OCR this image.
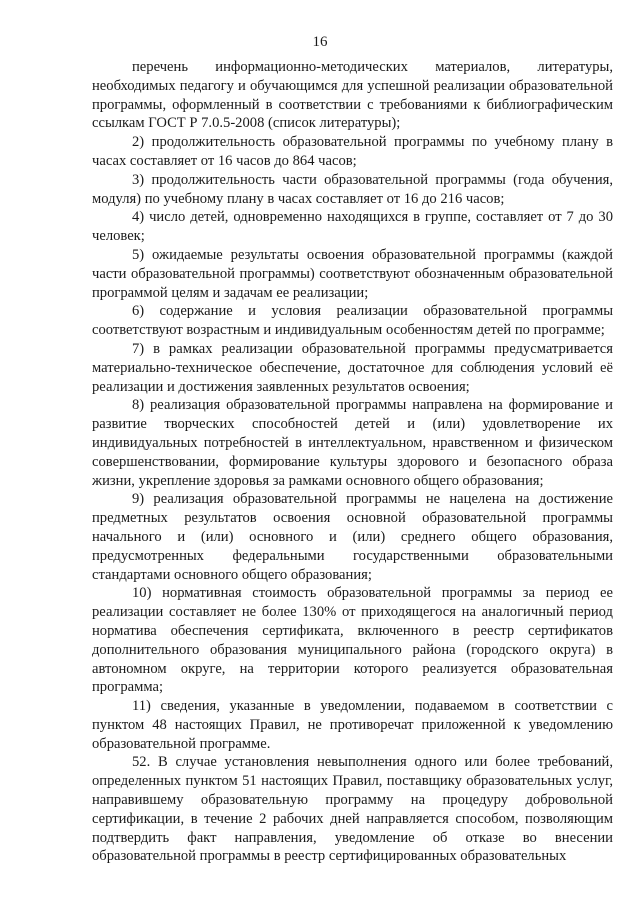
16

перечень информационно-методических материалов, литературы, необходимых педагогу и обучающимся для успешной реализации образовательной программы, оформленный в соответствии с требованиями к библиографическим ссылкам ГОСТ Р 7.0.5-2008 (список литературы);

2) продолжительность образовательной программы по учебному плану в часах составляет от 16 часов до 864 часов;

3) продолжительность части образовательной программы (года обучения, модуля) по учебному плану в часах составляет от 16 до 216 часов;

4) число детей, одновременно находящихся в группе, составляет от 7 до 30 человек;

5) ожидаемые результаты освоения образовательной программы (каждой части образовательной программы) соответствуют обозначенным образовательной программой целям и задачам ее реализации;

6) содержание и условия реализации образовательной программы соответствуют возрастным и индивидуальным особенностям детей по программе;

7) в рамках реализации образовательной программы предусматривается материально-техническое обеспечение, достаточное для соблюдения условий её реализации и достижения заявленных результатов освоения;

8) реализация образовательной программы направлена на формирование и развитие творческих способностей детей и (или) удовлетворение их индивидуальных потребностей в интеллектуальном, нравственном и физическом совершенствовании, формирование культуры здорового и безопасного образа жизни, укрепление здоровья за рамками основного общего образования;

9) реализация образовательной программы не нацелена на достижение предметных результатов освоения основной образовательной программы начального и (или) основного и (или) среднего общего образования, предусмотренных федеральными государственными образовательными стандартами основного общего образования;

10) нормативная стоимость образовательной программы за период ее реализации составляет не более 130% от приходящегося на аналогичный период норматива обеспечения сертификата, включенного в реестр сертификатов дополнительного образования муниципального района (городского округа) в автономном округе, на территории которого реализуется образовательная программа;

11) сведения, указанные в уведомлении, подаваемом в соответствии с пунктом 48 настоящих Правил, не противоречат приложенной к уведомлению образовательной программе.

52. В случае установления невыполнения одного или более требований, определенных пунктом 51 настоящих Правил, поставщику образовательных услуг, направившему образовательную программу на процедуру добровольной сертификации, в течение 2 рабочих дней направляется способом, позволяющим подтвердить факт направления, уведомление об отказе во внесении образовательной программы в реестр сертифицированных образовательных
